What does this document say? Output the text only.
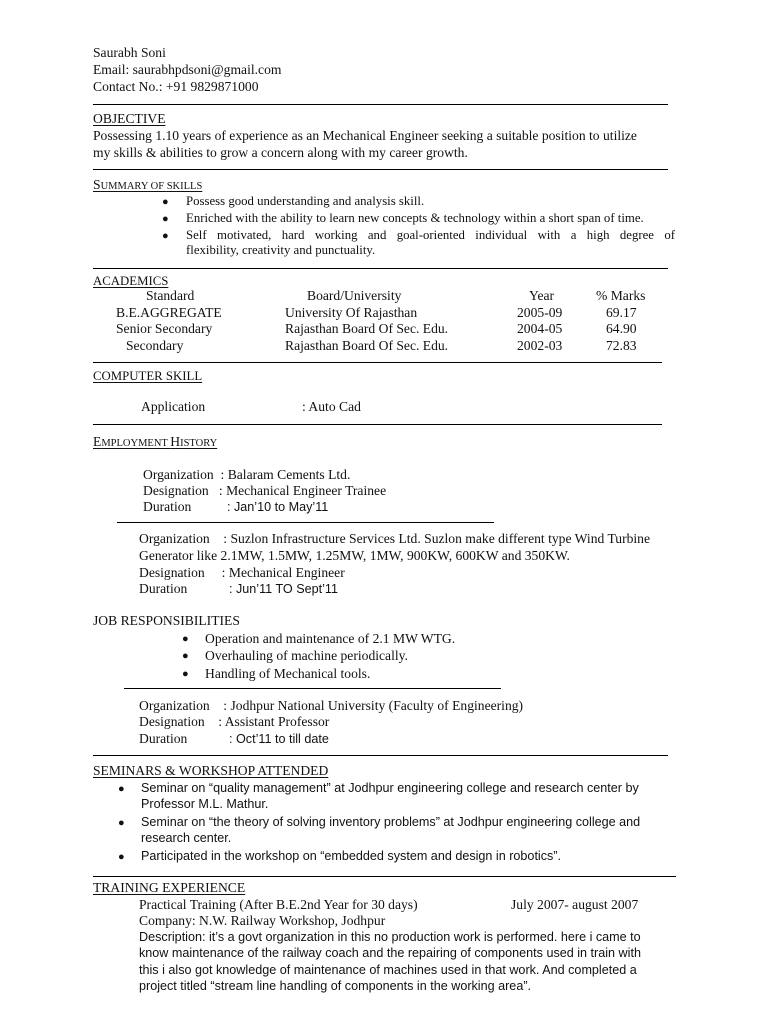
Saurabh Soni
Email: saurabhpdsoni@gmail.com
Contact No.: +91 9829871000
OBJECTIVE
Possessing 1.10 years of experience as an Mechanical Engineer seeking a suitable position to utilize
my skills & abilities to grow a concern along with my career growth.
SUMMARY OF SKILLS
● Possess good understanding and analysis skill.
● Enriched with the ability to learn new concepts & technology within a short span of time.
● Self motivated, hard working and goal-oriented individual with a high degree of
flexibility, creativity and punctuality.
ACADEMICS
Standard	Board/University	Year	% Marks
B.E.AGGREGATE	University Of Rajasthan	2005-09	69.17
Senior Secondary	Rajasthan Board Of Sec. Edu.	2004-05	64.90
Secondary	Rajasthan Board Of Sec. Edu.	2002-03	72.83
COMPUTER SKILL
Application	: Auto Cad
EMPLOYMENT HISTORY
Organization  : Balaram Cements Ltd.
Designation   : Mechanical Engineer Trainee
Duration	: Jan’10 to May’11
Organization    : Suzlon Infrastructure Services Ltd. Suzlon make different type Wind Turbine
Generator like 2.1MW, 1.5MW, 1.25MW, 1MW, 900KW, 600KW and 350KW.
Designation     : Mechanical Engineer
Duration	: Jun’11 TO Sept’11
JOB RESPONSIBILITIES
● Operation and maintenance of 2.1 MW WTG.
● Overhauling of machine periodically.
● Handling of Mechanical tools.
Organization    : Jodhpur National University (Faculty of Engineering)
Designation    : Assistant Professor
Duration	: Oct’11 to till date
SEMINARS & WORKSHOP ATTENDED
● Seminar on “quality management” at Jodhpur engineering college and research center by
Professor M.L. Mathur.
● Seminar on “the theory of solving inventory problems” at Jodhpur engineering college and
research center.
● Participated in the workshop on “embedded system and design in robotics”.
TRAINING EXPERIENCE
Practical Training (After B.E.2nd Year for 30 days)	July 2007- august 2007
Company: N.W. Railway Workshop, Jodhpur
Description: it’s a govt organization in this no production work is performed. here i came to
know maintenance of the railway coach and the repairing of components used in train with
this i also got knowledge of maintenance of machines used in that work. And completed a
project titled “stream line handling of components in the working area”.
